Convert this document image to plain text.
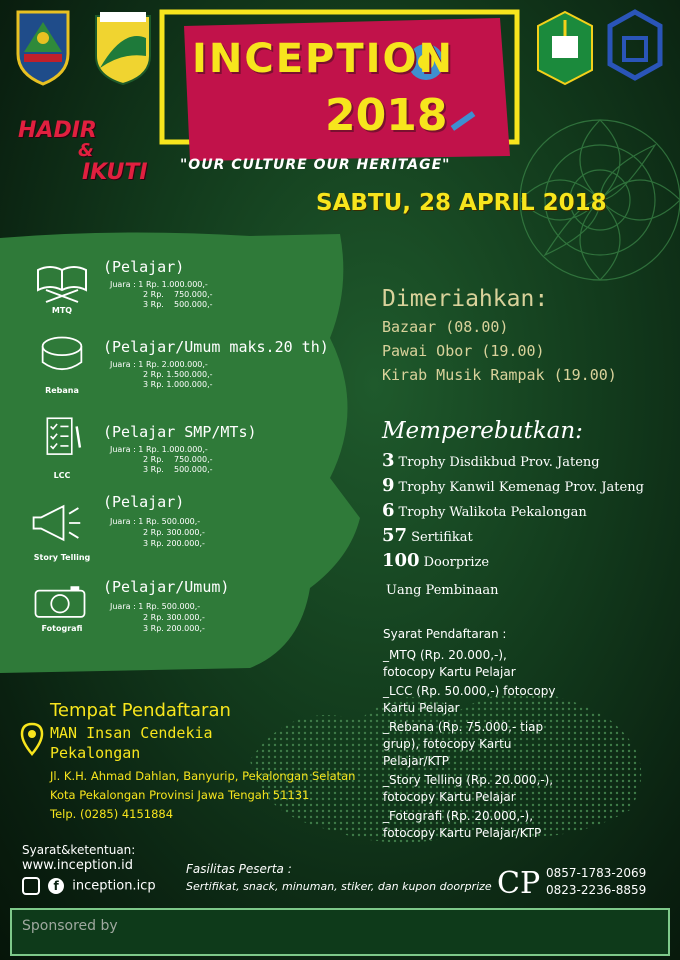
INCEPTION
2018
"OUR CULTURE OUR HERITAGE"
SABTU, 28 APRIL 2018
HADIR
&
IKUTI
MTQ
(Pelajar)
Juara : 1 Rp. 1.000.000,-
2 Rp.    750.000,-
3 Rp.    500.000,-
Rebana
(Pelajar/Umum maks.20 th)
Juara : 1 Rp. 2.000.000,-
2 Rp. 1.500.000,-
3 Rp. 1.000.000,-
LCC
(Pelajar SMP/MTs)
Juara : 1 Rp. 1.000.000,-
2 Rp.    750.000,-
3 Rp.    500.000,-
Story Telling
(Pelajar)
Juara : 1 Rp. 500.000,-
2 Rp. 300.000,-
3 Rp. 200.000,-
Fotografi
(Pelajar/Umum)
Juara : 1 Rp. 500.000,-
2 Rp. 300.000,-
3 Rp. 200.000,-
Dimeriahkan:
Bazaar (08.00)
Pawai Obor (19.00)
Kirab Musik Rampak (19.00)
Memperebutkan:
3 Trophy Disdikbud Prov. Jateng
9 Trophy Kanwil Kemenag Prov. Jateng
6 Trophy Walikota Pekalongan
57 Sertifikat
100 Doorprize
Uang Pembinaan
Syarat Pendaftaran :
_MTQ (Rp. 20.000,-),
fotocopy Kartu Pelajar
_LCC (Rp. 50.000,-) fotocopy
Kartu Pelajar
_Rebana (Rp. 75.000,- tiap
grup), fotocopy Kartu
Pelajar/KTP
_Story Telling (Rp. 20.000,-),
fotocopy Kartu Pelajar
_Fotografi (Rp. 20.000,-),
fotocopy Kartu Pelajar/KTP
Tempat Pendaftaran
MAN Insan Cendekia
Pekalongan
Jl. K.H. Ahmad Dahlan, Banyurip, Pekalongan Selatan
Kota Pekalongan Provinsi Jawa Tengah 51131
Telp. (0285) 4151884
Syarat&ketentuan:
www.inception.id
f inception.icp
Fasilitas Peserta :
Sertifikat, snack, minuman, stiker, dan kupon doorprize CP 0857-1783-2069
0823-2236-8859
Sponsored by
